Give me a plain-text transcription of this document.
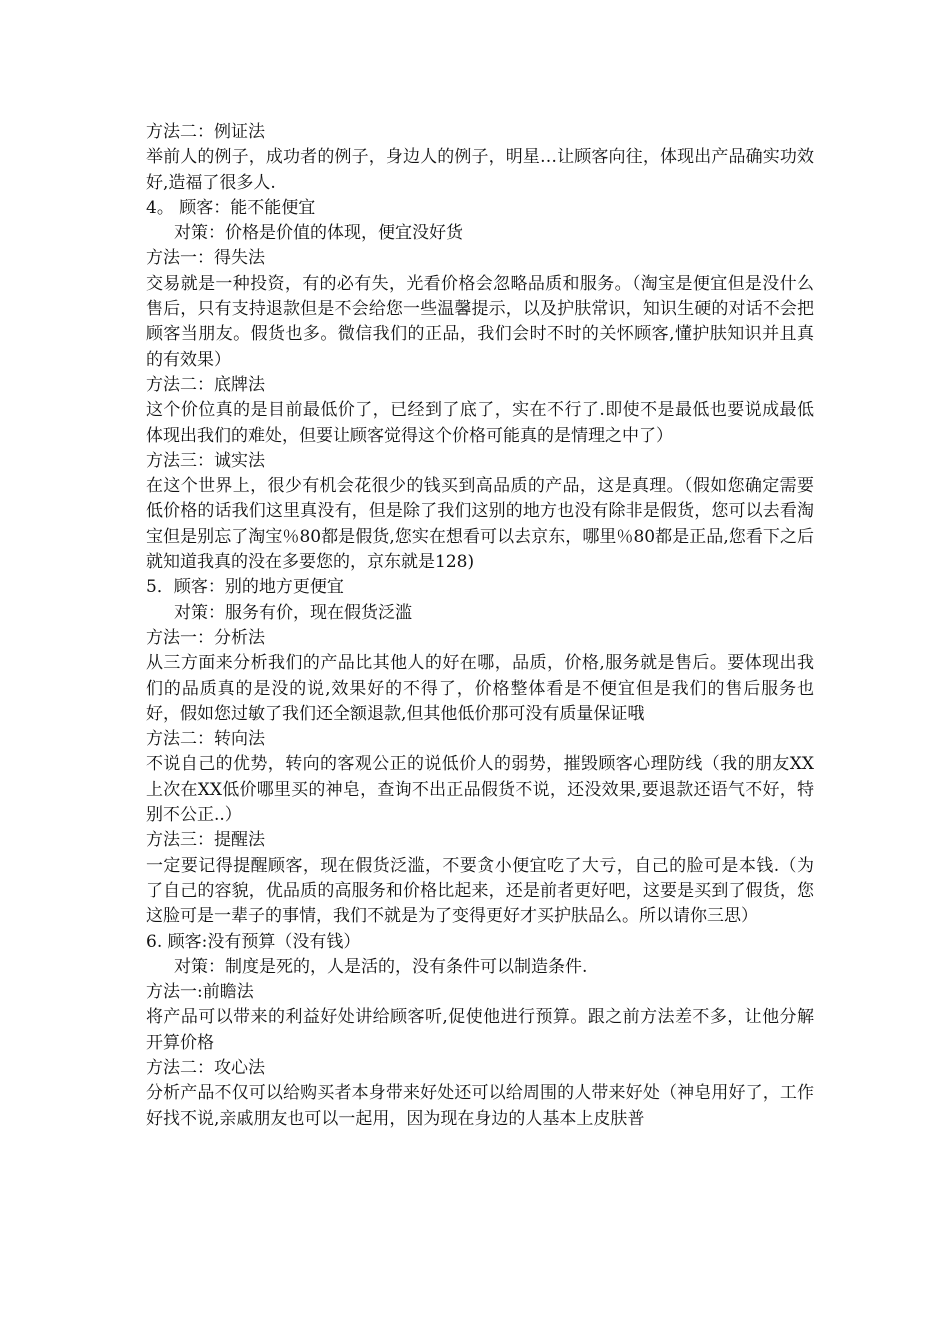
方法二：例证法
举前人的例子，成功者的例子，身边人的例子，明星…让顾客向往，体现出产品确实功效好,造福了很多人.
4。 顾客：能不能便宜
对策：价格是价值的体现，便宜没好货
方法一：得失法
交易就是一种投资，有的必有失，光看价格会忽略品质和服务。（淘宝是便宜但是没什么售后，只有支持退款但是不会给您一些温馨提示，以及护肤常识，知识生硬的对话不会把顾客当朋友。假货也多。微信我们的正品，我们会时不时的关怀顾客,懂护肤知识并且真的有效果）
方法二：底牌法
这个价位真的是目前最低价了，已经到了底了，实在不行了.即使不是最低也要说成最低体现出我们的难处，但要让顾客觉得这个价格可能真的是情理之中了）
方法三：诚实法
在这个世界上，很少有机会花很少的钱买到高品质的产品，这是真理。（假如您确定需要低价格的话我们这里真没有，但是除了我们这别的地方也没有除非是假货，您可以去看淘宝但是别忘了淘宝％80都是假货,您实在想看可以去京东，哪里％80都是正品,您看下之后就知道我真的没在多要您的，京东就是128)
5．顾客：别的地方更便宜
对策：服务有价，现在假货泛滥
方法一：分析法
从三方面来分析我们的产品比其他人的好在哪，品质，价格,服务就是售后。要体现出我们的品质真的是没的说,效果好的不得了，价格整体看是不便宜但是我们的售后服务也好，假如您过敏了我们还全额退款,但其他低价那可没有质量保证哦
方法二：转向法
不说自己的优势，转向的客观公正的说低价人的弱势，摧毁顾客心理防线（我的朋友XX上次在XX低价哪里买的神皂，查询不出正品假货不说，还没效果,要退款还语气不好，特别不公正..）
方法三：提醒法
一定要记得提醒顾客，现在假货泛滥，不要贪小便宜吃了大亏，自己的脸可是本钱.（为了自己的容貌，优品质的高服务和价格比起来，还是前者更好吧，这要是买到了假货，您这脸可是一辈子的事情，我们不就是为了变得更好才买护肤品么。所以请你三思）
6. 顾客:没有预算（没有钱）
对策：制度是死的，人是活的，没有条件可以制造条件.
方法一:前瞻法
将产品可以带来的利益好处讲给顾客听,促使他进行预算。跟之前方法差不多，让他分解开算价格
方法二：攻心法
分析产品不仅可以给购买者本身带来好处还可以给周围的人带来好处（神皂用好了，工作好找不说,亲戚朋友也可以一起用，因为现在身边的人基本上皮肤普
